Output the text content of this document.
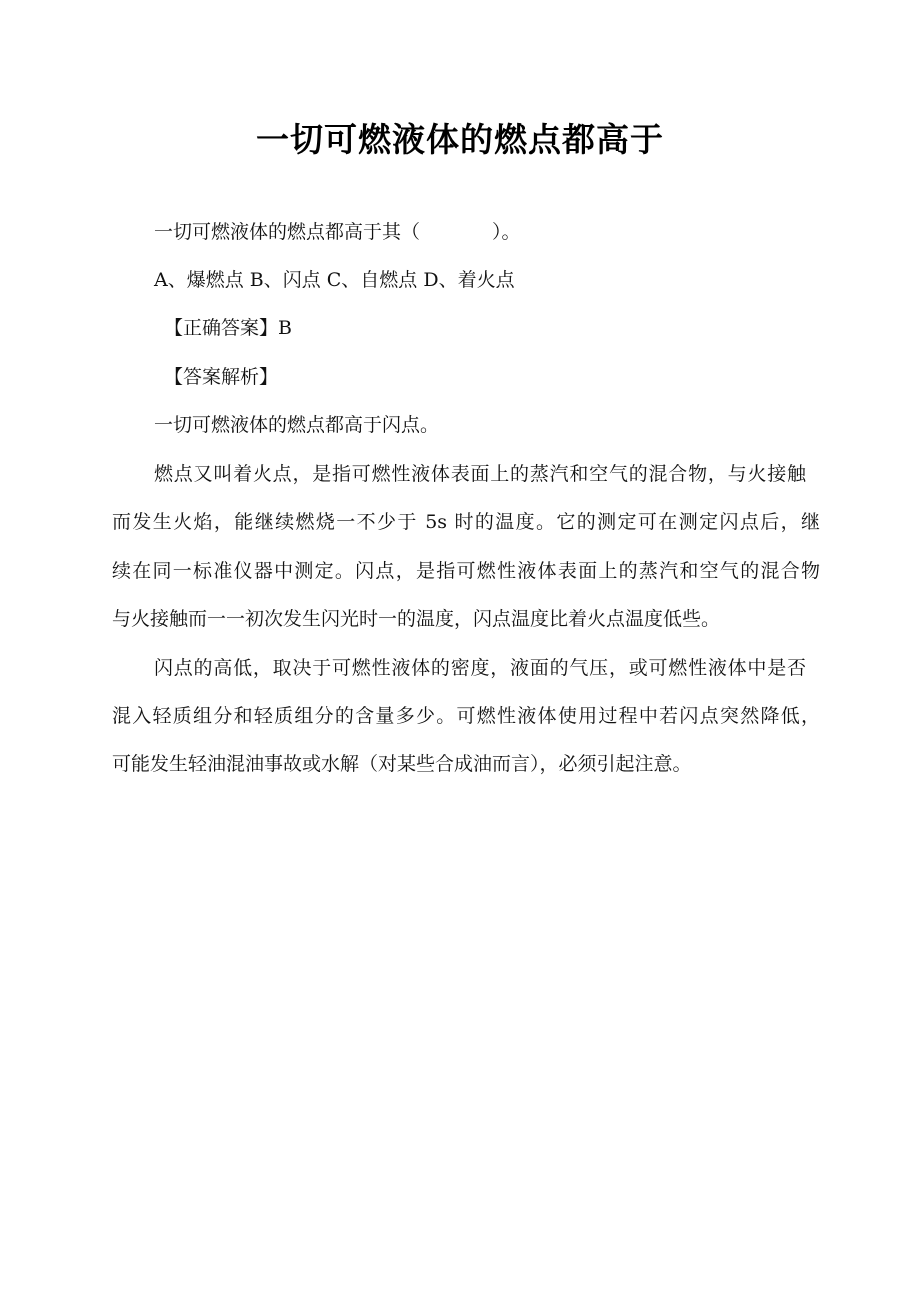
一切可燃液体的燃点都高于

一切可燃液体的燃点都高于其（	）。

A、爆燃点 B、闪点 C、自燃点 D、着火点

【正确答案】B

【答案解析】

一切可燃液体的燃点都高于闪点。

燃点又叫着火点，是指可燃性液体表面上的蒸汽和空气的混合物，与火接触

而发生火焰，能继续燃烧一不少于 5s 时的温度。它的测定可在测定闪点后，继

续在同一标准仪器中测定。闪点，是指可燃性液体表面上的蒸汽和空气的混合物

与火接触而一一初次发生闪光时一的温度，闪点温度比着火点温度低些。

闪点的高低，取决于可燃性液体的密度，液面的气压，或可燃性液体中是否

混入轻质组分和轻质组分的含量多少。可燃性液体使用过程中若闪点突然降低，

可能发生轻油混油事故或水解（对某些合成油而言），必须引起注意。
